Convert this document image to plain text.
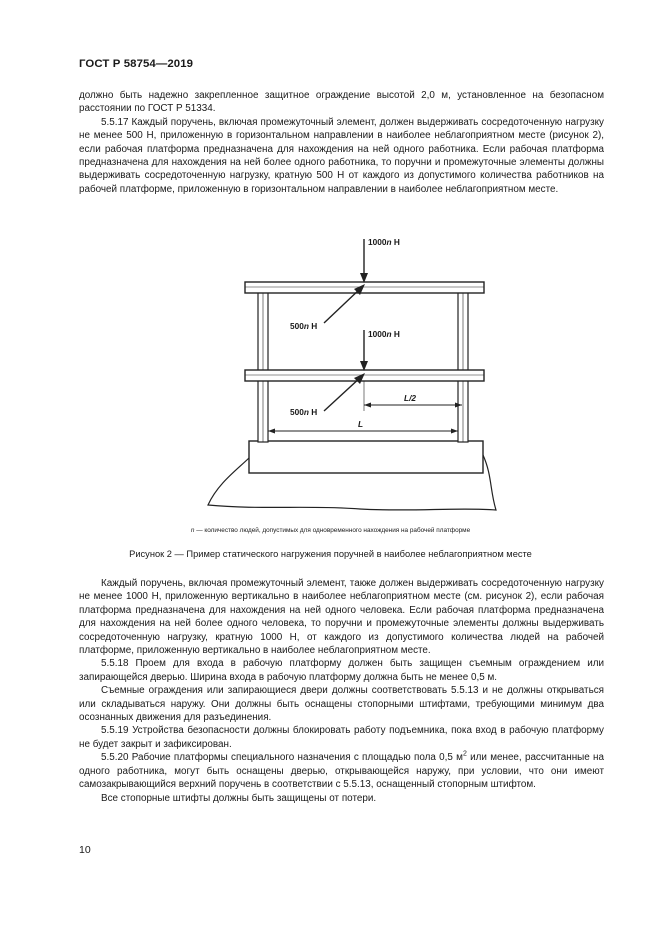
ГОСТ Р 58754—2019

должно быть надежно закрепленное защитное ограждение высотой 2,0 м, установленное на безопасном расстоянии по ГОСТ Р 51334.

5.5.17 Каждый поручень, включая промежуточный элемент, должен выдерживать сосредоточенную нагрузку не менее 500 Н, приложенную в горизонтальном направлении в наиболее неблагоприятном месте (рисунок 2), если рабочая платформа предназначена для нахождения на ней одного работника. Если рабочая платформа предназначена для нахождения на ней более одного работника, то поручни и промежуточные элементы должны выдерживать сосредоточенную нагрузку, кратную 500 Н от каждого из допустимого количества работников на рабочей платформе, приложенную в горизонтальном направлении в наиболее неблагоприятном месте.

1000n Н
500n Н
1000n Н
500n Н
L/2
L
n — количество людей, допустимых для одновременного нахождения на рабочей платформе
Рисунок 2 — Пример статического нагружения поручней в наиболее неблагоприятном месте

Каждый поручень, включая промежуточный элемент, также должен выдерживать сосредоточенную нагрузку не менее 1000 Н, приложенную вертикально в наиболее неблагоприятном месте (см. рисунок 2), если рабочая платформа предназначена для нахождения на ней одного человека. Если рабочая платформа предназначена для нахождения на ней более одного человека, то поручни и промежуточные элементы должны выдерживать сосредоточенную нагрузку, кратную 1000 Н, от каждого из допустимого количества людей на рабочей платформе, приложенную вертикально в наиболее неблагоприятном месте.

5.5.18 Проем для входа в рабочую платформу должен быть защищен съемным ограждением или запирающейся дверью. Ширина входа в рабочую платформу должна быть не менее 0,5 м.

Съемные ограждения или запирающиеся двери должны соответствовать 5.5.13 и не должны открываться или складываться наружу. Они должны быть оснащены стопорными штифтами, требующими минимум два осознанных движения для разъединения.

5.5.19 Устройства безопасности должны блокировать работу подъемника, пока вход в рабочую платформу не будет закрыт и зафиксирован.

5.5.20 Рабочие платформы специального назначения с площадью пола 0,5 $м^2$ или менее, рассчитанные на одного работника, могут быть оснащены дверью, открывающейся наружу, при условии, что они имеют самозакрывающийся верхний поручень в соответствии с 5.5.13, оснащенный стопорным штифтом.

Все стопорные штифты должны быть защищены от потери.

10
